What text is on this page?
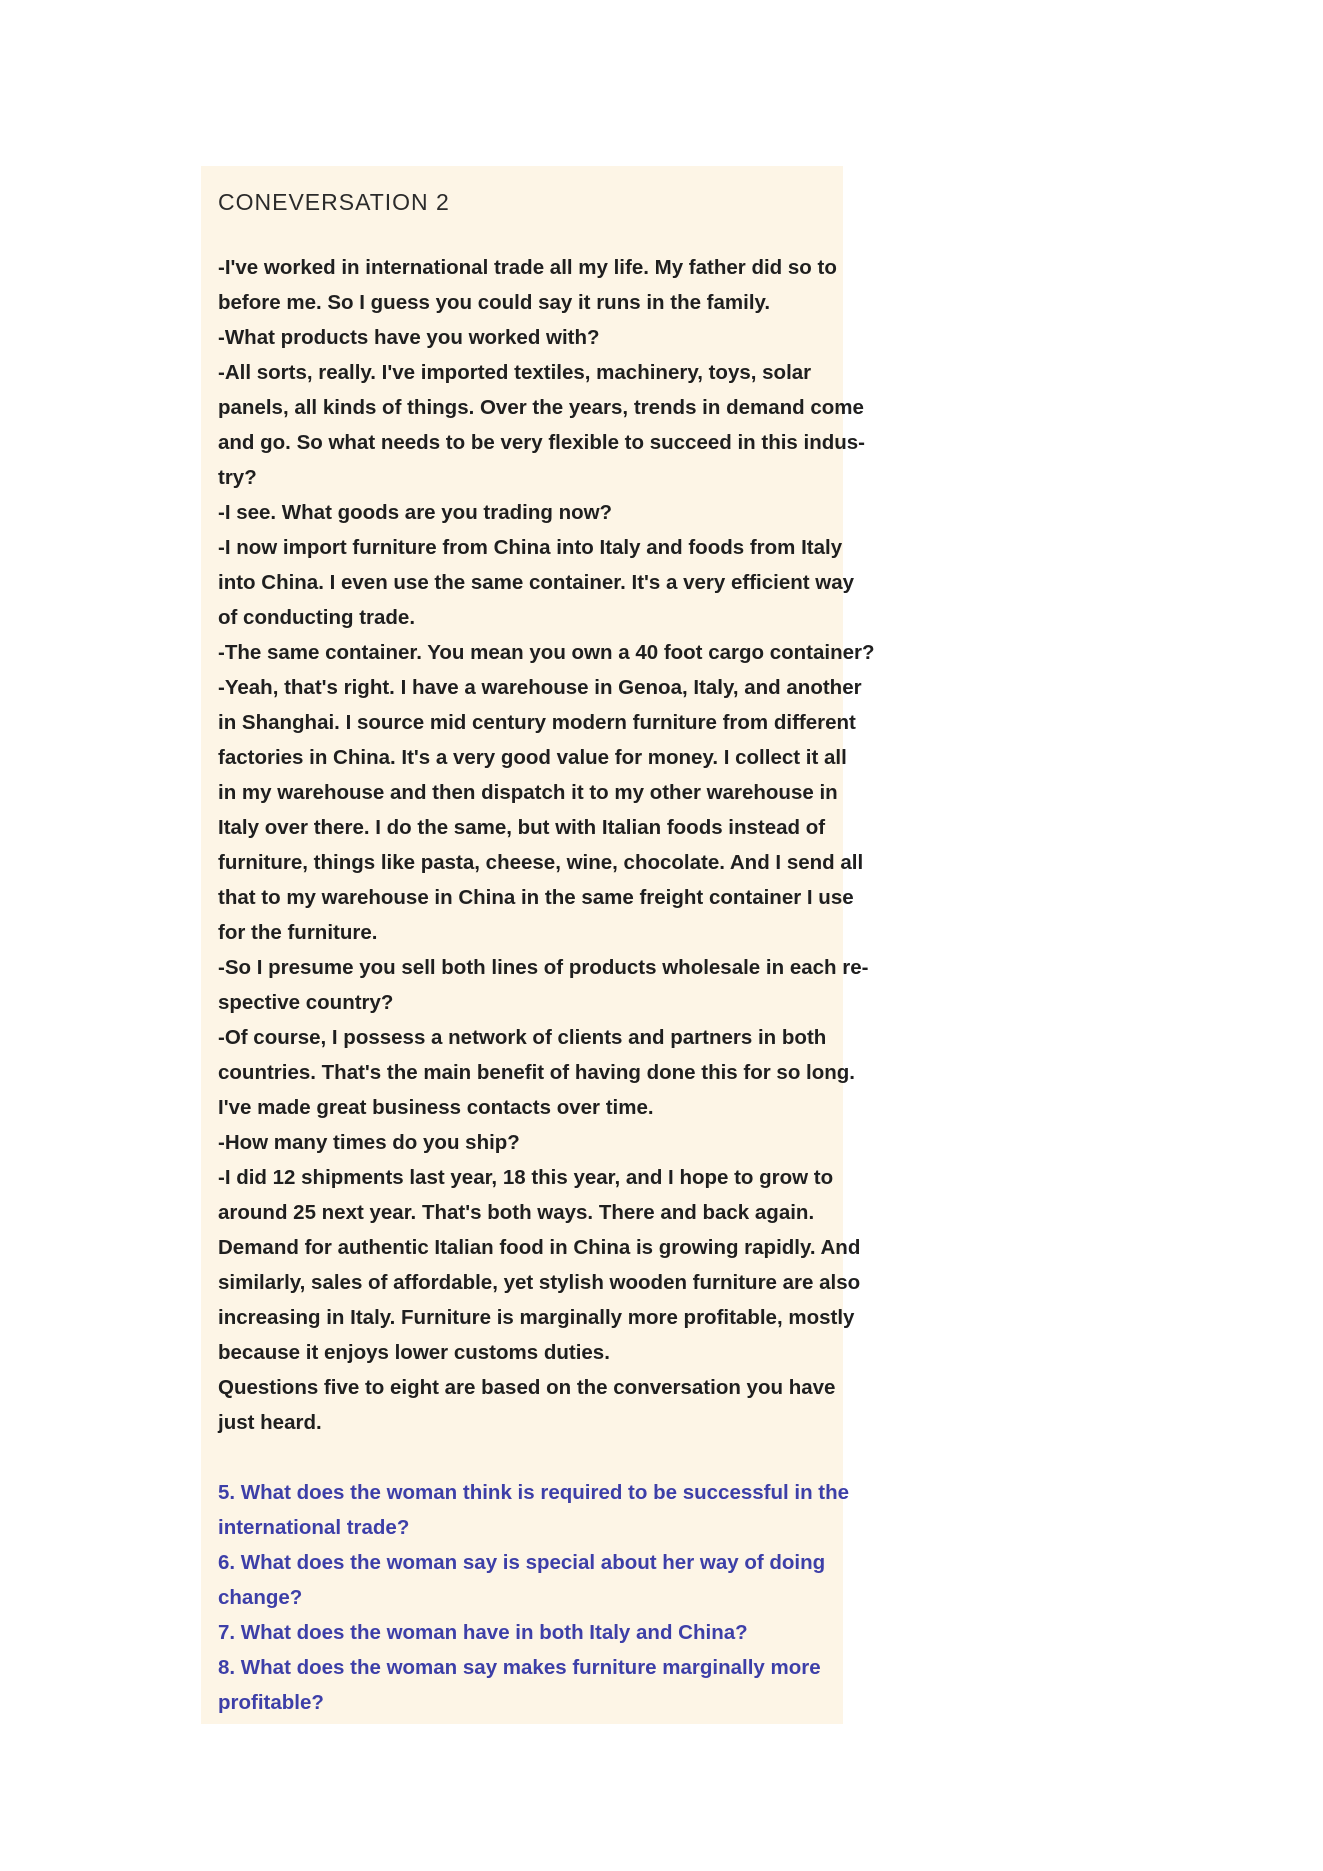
CONEVERSATION 2
-I've worked in international trade all my life. My father did so to
before me. So I guess you could say it runs in the family.
-What products have you worked with?
-All sorts, really. I've imported textiles, machinery, toys, solar
panels, all kinds of things. Over the years, trends in demand come
and go. So what needs to be very flexible to succeed in this indus-
try?
-I see. What goods are you trading now?
-I now import furniture from China into Italy and foods from Italy
into China. I even use the same container. It's a very efficient way
of conducting trade.
-The same container. You mean you own a 40 foot cargo container?
-Yeah, that's right. I have a warehouse in Genoa, Italy, and another
in Shanghai. I source mid century modern furniture from different
factories in China. It's a very good value for money. I collect it all
in my warehouse and then dispatch it to my other warehouse in
Italy over there. I do the same, but with Italian foods instead of
furniture, things like pasta, cheese, wine, chocolate. And I send all
that to my warehouse in China in the same freight container I use
for the furniture.
-So I presume you sell both lines of products wholesale in each re-
spective country?
-Of course, I possess a network of clients and partners in both
countries. That's the main benefit of having done this for so long.
I've made great business contacts over time.
-How many times do you ship?
-I did 12 shipments last year, 18 this year, and I hope to grow to
around 25 next year. That's both ways. There and back again.
Demand for authentic Italian food in China is growing rapidly. And
similarly, sales of affordable, yet stylish wooden furniture are also
increasing in Italy. Furniture is marginally more profitable, mostly
because it enjoys lower customs duties.
Questions five to eight are based on the conversation you have
just heard.
5. What does the woman think is required to be successful in the
international trade?
6. What does the woman say is special about her way of doing
change?
7. What does the woman have in both Italy and China?
8. What does the woman say makes furniture marginally more
profitable?
